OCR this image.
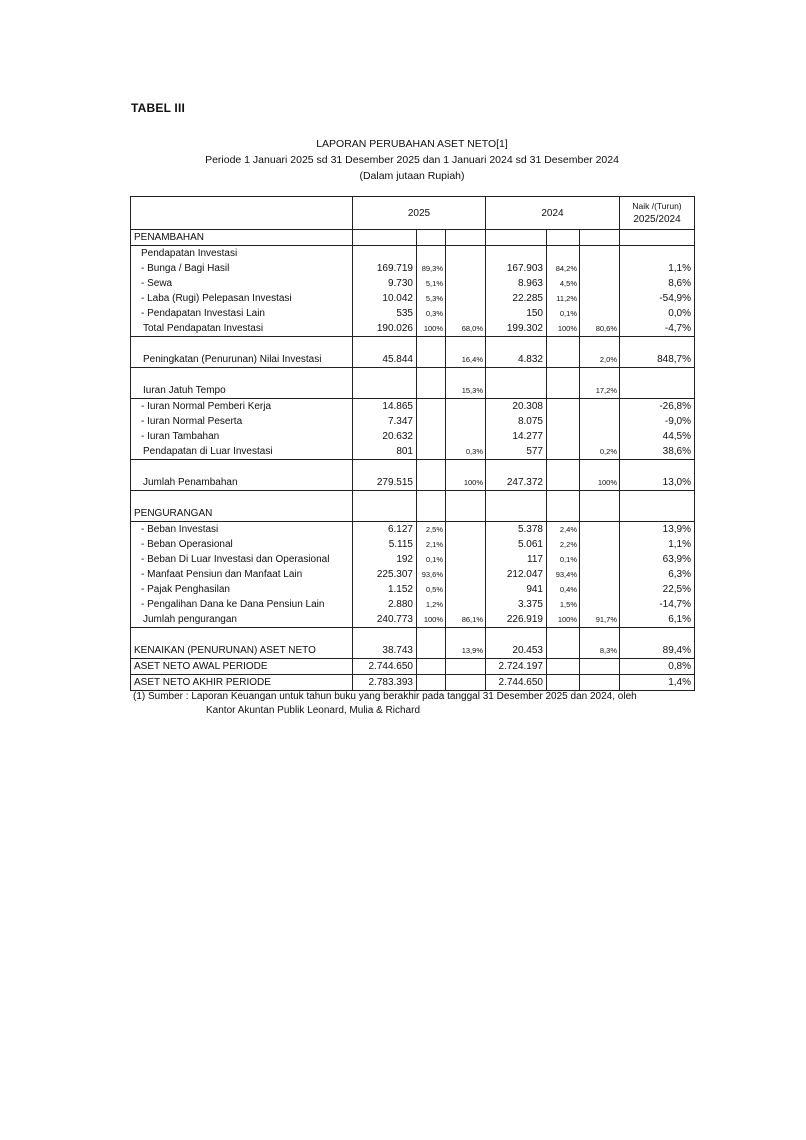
TABEL III
LAPORAN PERUBAHAN ASET NETO[1]
Periode 1 Januari 2025 sd 31 Desember 2025 dan 1 Januari 2024 sd 31 Desember 2024
(Dalam jutaan Rupiah)
	2025			2024			Naik /(Turun)
2025/2024

PENAMBAHAN							
Pendapatan Investasi							
- Bunga / Bagi Hasil	169.719	89,3%		167.903	84,2%		1,1%
- Sewa	9.730	5,1%		8.963	4,5%		8,6%
- Laba (Rugi) Pelepasan Investasi	10.042	5,3%		22.285	11,2%		-54,9%
- Pendapatan Investasi Lain	535	0,3%		150	0,1%		0,0%
Total Pendapatan Investasi	190.026	100%	68,0%	199.302	100%	80,6%	-4,7%

Peningkatan (Penurunan) Nilai Investasi	45.844		16,4%	4.832		2,0%	848,7%

Iuran Jatuh Tempo			15,3%			17,2%	
- Iuran Normal Pemberi Kerja	14.865			20.308			-26,8%
- Iuran Normal Peserta	7.347			8.075			-9,0%
- Iuran Tambahan	20.632			14.277			44,5%
Pendapatan di Luar Investasi	801		0,3%	577		0,2%	38,6%

Jumlah Penambahan	279.515		100%	247.372		100%	13,0%

PENGURANGAN							
- Beban Investasi	6.127	2,5%		5.378	2,4%		13,9%
- Beban Operasional	5.115	2,1%		5.061	2,2%		1,1%
- Beban Di Luar Investasi dan Operasional	192	0,1%		117	0,1%		63,9%
- Manfaat Pensiun dan Manfaat Lain	225.307	93,6%		212.047	93,4%		6,3%
- Pajak Penghasilan	1.152	0,5%		941	0,4%		22,5%
- Pengalihan Dana ke Dana Pensiun Lain	2.880	1,2%		3.375	1,5%		-14,7%
Jumlah pengurangan	240.773	100%	86,1%	226.919	100%	91,7%	6,1%

KENAIKAN (PENURUNAN) ASET NETO	38.743		13,9%	20.453		8,3%	89,4%
ASET NETO AWAL PERIODE	2.744.650			2.724.197			0,8%
ASET NETO AKHIR PERIODE	2.783.393			2.744.650			1,4%
(1) Sumber : Laporan Keuangan untuk tahun buku yang berakhir pada tanggal 31 Desember 2025 dan 2024, oleh
Kantor Akuntan Publik Leonard, Mulia & Richard
